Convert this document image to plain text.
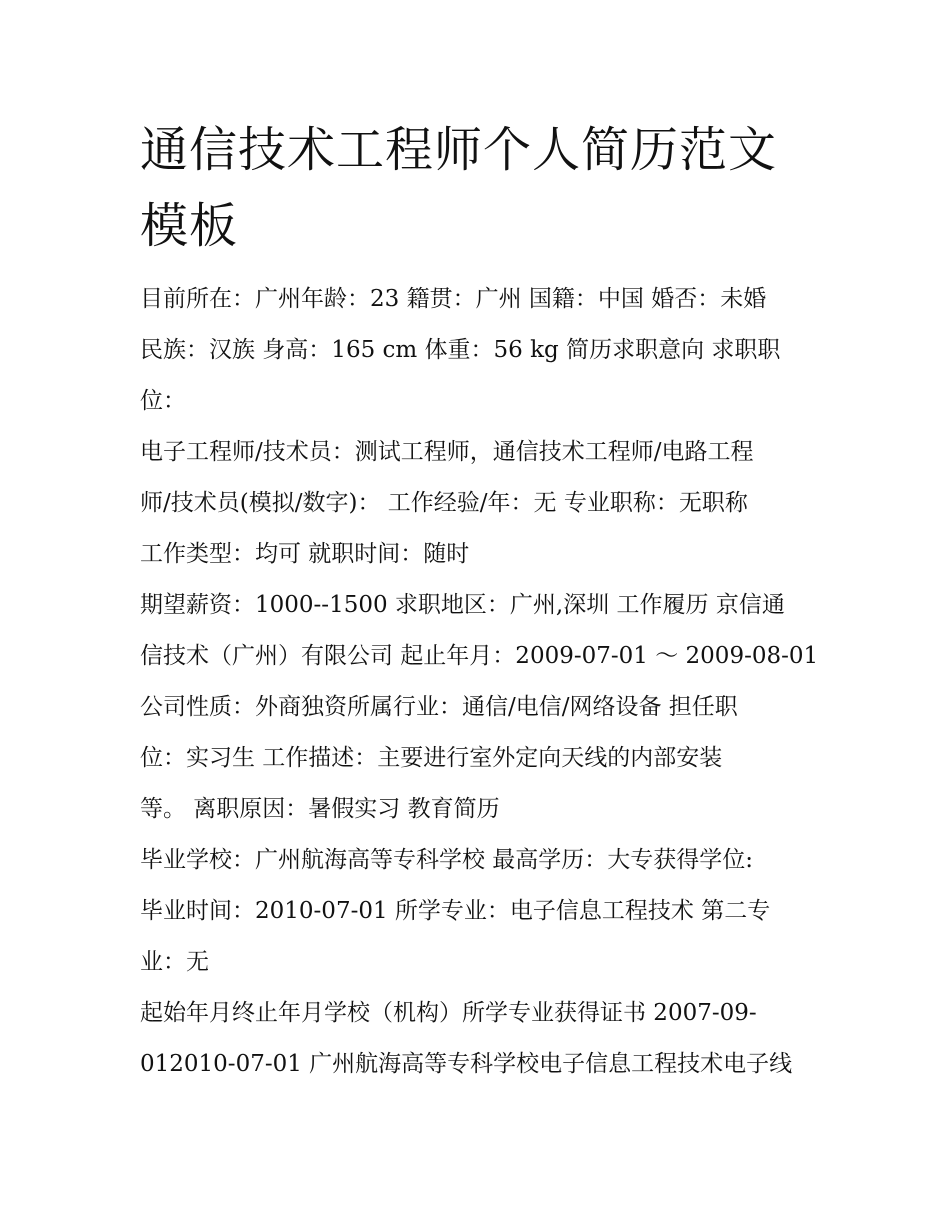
通信技术工程师个人简历范文
模板
目前所在：广州年龄：23 籍贯：广州 国籍：中国 婚否：未婚
民族：汉族 身高：165 cm 体重：56 kg 简历求职意向 求职职
位：
电子工程师/技术员：测试工程师，通信技术工程师/电路工程
师/技术员(模拟/数字)： 工作经验/年：无 专业职称：无职称
工作类型：均可 就职时间：随时
期望薪资：1000--1500 求职地区：广州,深圳 工作履历 京信通
信技术（广州）有限公司 起止年月：2009-07-01 ～ 2009-08-01
公司性质：外商独资所属行业：通信/电信/网络设备 担任职
位：实习生 工作描述：主要进行室外定向天线的内部安装
等。 离职原因：暑假实习 教育简历
毕业学校：广州航海高等专科学校 最高学历：大专获得学位:
毕业时间：2010-07-01 所学专业：电子信息工程技术 第二专
业：无
起始年月终止年月学校（机构）所学专业获得证书 2007-09-
012010-07-01 广州航海高等专科学校电子信息工程技术电子线
